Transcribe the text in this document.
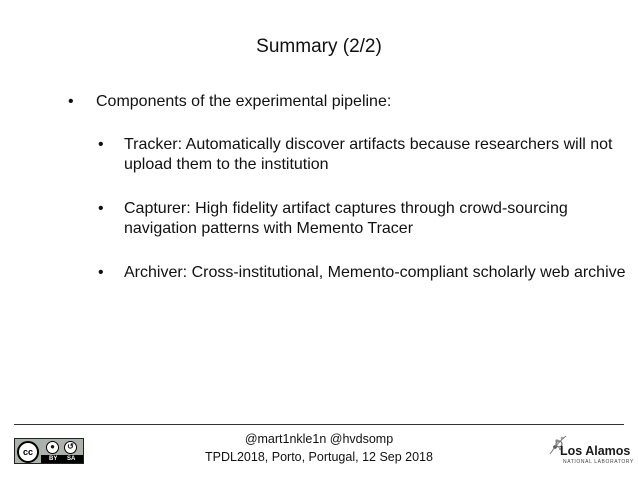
Summary (2/2)
• Components of the experimental pipeline:
• Tracker: Automatically discover artifacts because researchers will not upload them to the institution
• Capturer: High fidelity artifact captures through crowd-sourcing navigation patterns with Memento Tracer
• Archiver: Cross-institutional, Memento-compliant scholarly web archive
cc
●	↺
BY SA
@mart1nkle1n @hvdsomp
TPDL2018, Porto, Portugal, 12 Sep 2018	Los Alamos
NATIONAL LABORATORY
